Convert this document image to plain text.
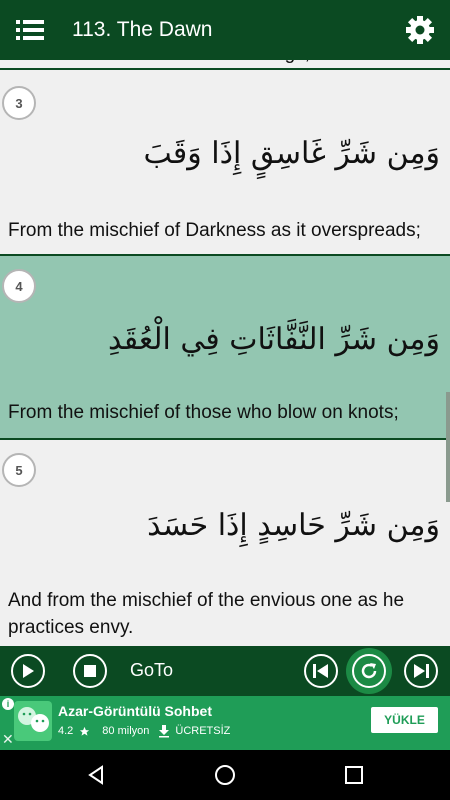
113. The Dawn
3
وَمِن شَرِّ غَاسِقٍ إِذَا وَقَبَ
From the mischief of Darkness as it overspreads;
4
وَمِن شَرِّ النَّفَّاثَاتِ فِي الْعُقَدِ
From the mischief of those who blow on knots;
5
وَمِن شَرِّ حَاسِدٍ إِذَا حَسَدَ
And from the mischief of the envious one as he practices envy.
GoTo
i
✕
Azar-Görüntülü Sohbet
4.2	80 milyon ÜCRETSİZ
YÜKLE
